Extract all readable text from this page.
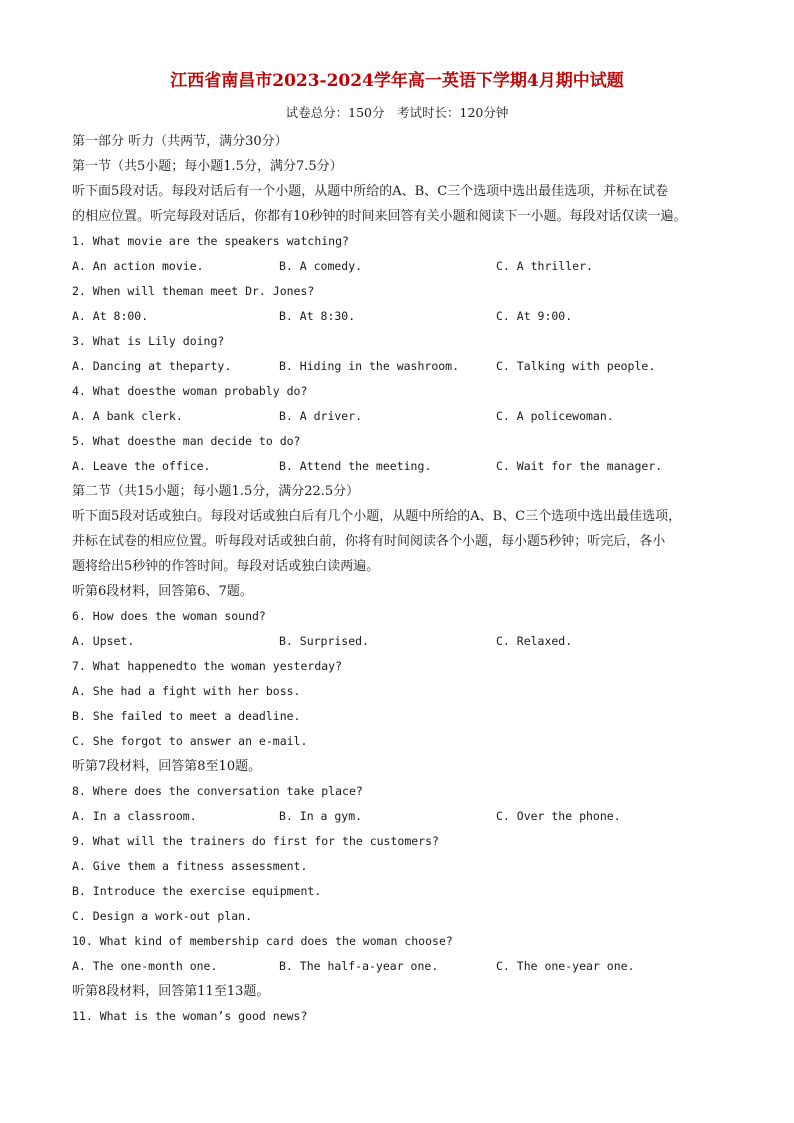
江西省南昌市2023-2024学年高一英语下学期4月期中试题
试卷总分：150分　考试时长：120分钟
第一部分 听力（共两节，满分30分）
第一节（共5小题；每小题1.5分，满分7.5分）
听下面5段对话。每段对话后有一个小题，从题中所给的A、B、C三个选项中选出最佳选项，并标在试卷
的相应位置。听完每段对话后，你都有10秒钟的时间来回答有关小题和阅读下一小题。每段对话仅读一遍。
1. What movie are the speakers watching?
A. An action movie.	B. A comedy.	C. A thriller.
2. When will theman meet Dr. Jones?
A. At 8:00.	B. At 8:30.	C. At 9:00.
3. What is Lily doing?
A. Dancing at theparty.	B. Hiding in the washroom.	C. Talking with people.
4. What doesthe woman probably do?
A. A bank clerk.	B. A driver.	C. A policewoman.
5. What doesthe man decide to do?
A. Leave the office.	B. Attend the meeting.	C. Wait for the manager.
第二节（共15小题；每小题1.5分，满分22.5分）
听下面5段对话或独白。每段对话或独白后有几个小题，从题中所给的A、B、C三个选项中选出最佳选项，
并标在试卷的相应位置。听每段对话或独白前，你将有时间阅读各个小题，每小题5秒钟；听完后，各小
题将给出5秒钟的作答时间。每段对话或独白读两遍。
听第6段材料，回答第6、7题。
6. How does the woman sound?
A. Upset.	B. Surprised.	C. Relaxed.
7. What happenedto the woman yesterday?
A. She had a fight with her boss.
B. She failed to meet a deadline.
C. She forgot to answer an e-mail.
听第7段材料，回答第8至10题。
8. Where does the conversation take place?
A. In a classroom.	B. In a gym.	C. Over the phone.
9. What will the trainers do first for the customers?
A. Give them a fitness assessment.
B. Introduce the exercise equipment.
C. Design a work-out plan.
10. What kind of membership card does the woman choose?
A. The one-month one.	B. The half-a-year one.	C. The one-year one.
听第8段材料，回答第11至13题。
11. What is the woman’s good news?
